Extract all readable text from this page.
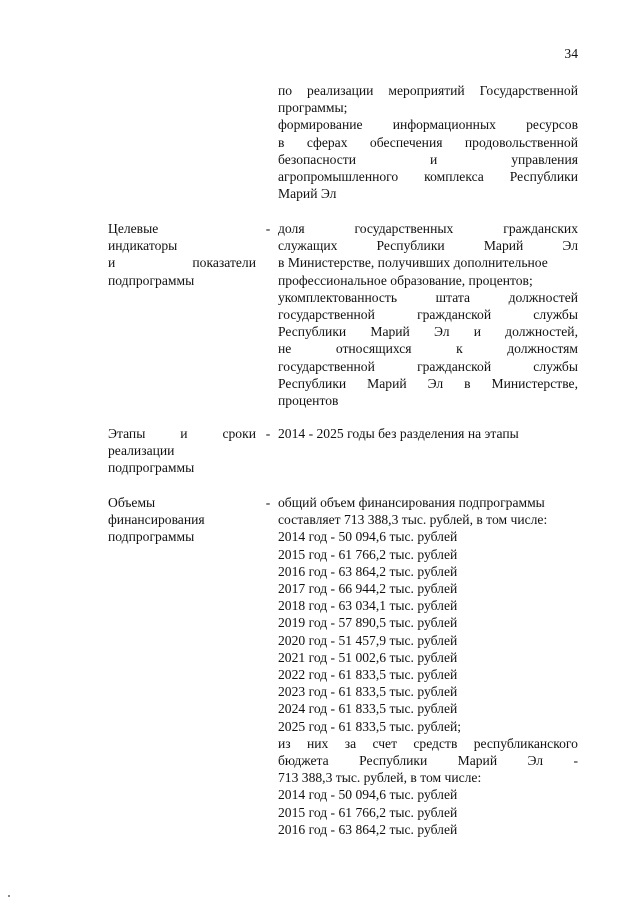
34
по реализации мероприятий Государственной
программы;
формирование информационных ресурсов
в сферах обеспечения продовольственной
безопасности	и	управления
агропромышленного комплекса Республики
Марий Эл
Целевые
индикаторы
и	показатели
подпрограммы
- доля	государственных	гражданских
служащих	Республики	Марий	Эл
в Министерстве, получивших дополнительное
профессиональное образование, процентов;
укомплектованность	штата	должностей
государственной	гражданской	службы
Республики Марий Эл и должностей,
не	относящихся	к	должностям
государственной	гражданской	службы
Республики Марий Эл в Министерстве,
процентов
Этапы	и	сроки
реализации
подпрограммы
- 2014 - 2025 годы без разделения на этапы
Объемы
финансирования
подпрограммы
- общий объем финансирования подпрограммы
составляет 713 388,3 тыс. рублей, в том числе:
2014 год - 50 094,6 тыс. рублей
2015 год - 61 766,2 тыс. рублей
2016 год - 63 864,2 тыс. рублей
2017 год - 66 944,2 тыс. рублей
2018 год - 63 034,1 тыс. рублей
2019 год - 57 890,5 тыс. рублей
2020 год - 51 457,9 тыс. рублей
2021 год - 51 002,6 тыс. рублей
2022 год - 61 833,5 тыс. рублей
2023 год - 61 833,5 тыс. рублей
2024 год - 61 833,5 тыс. рублей
2025 год - 61 833,5 тыс. рублей;
из них за счет средств республиканского
бюджета Республики Марий Эл -
713 388,3 тыс. рублей, в том числе:
2014 год - 50 094,6 тыс. рублей
2015 год - 61 766,2 тыс. рублей
2016 год - 63 864,2 тыс. рублей
